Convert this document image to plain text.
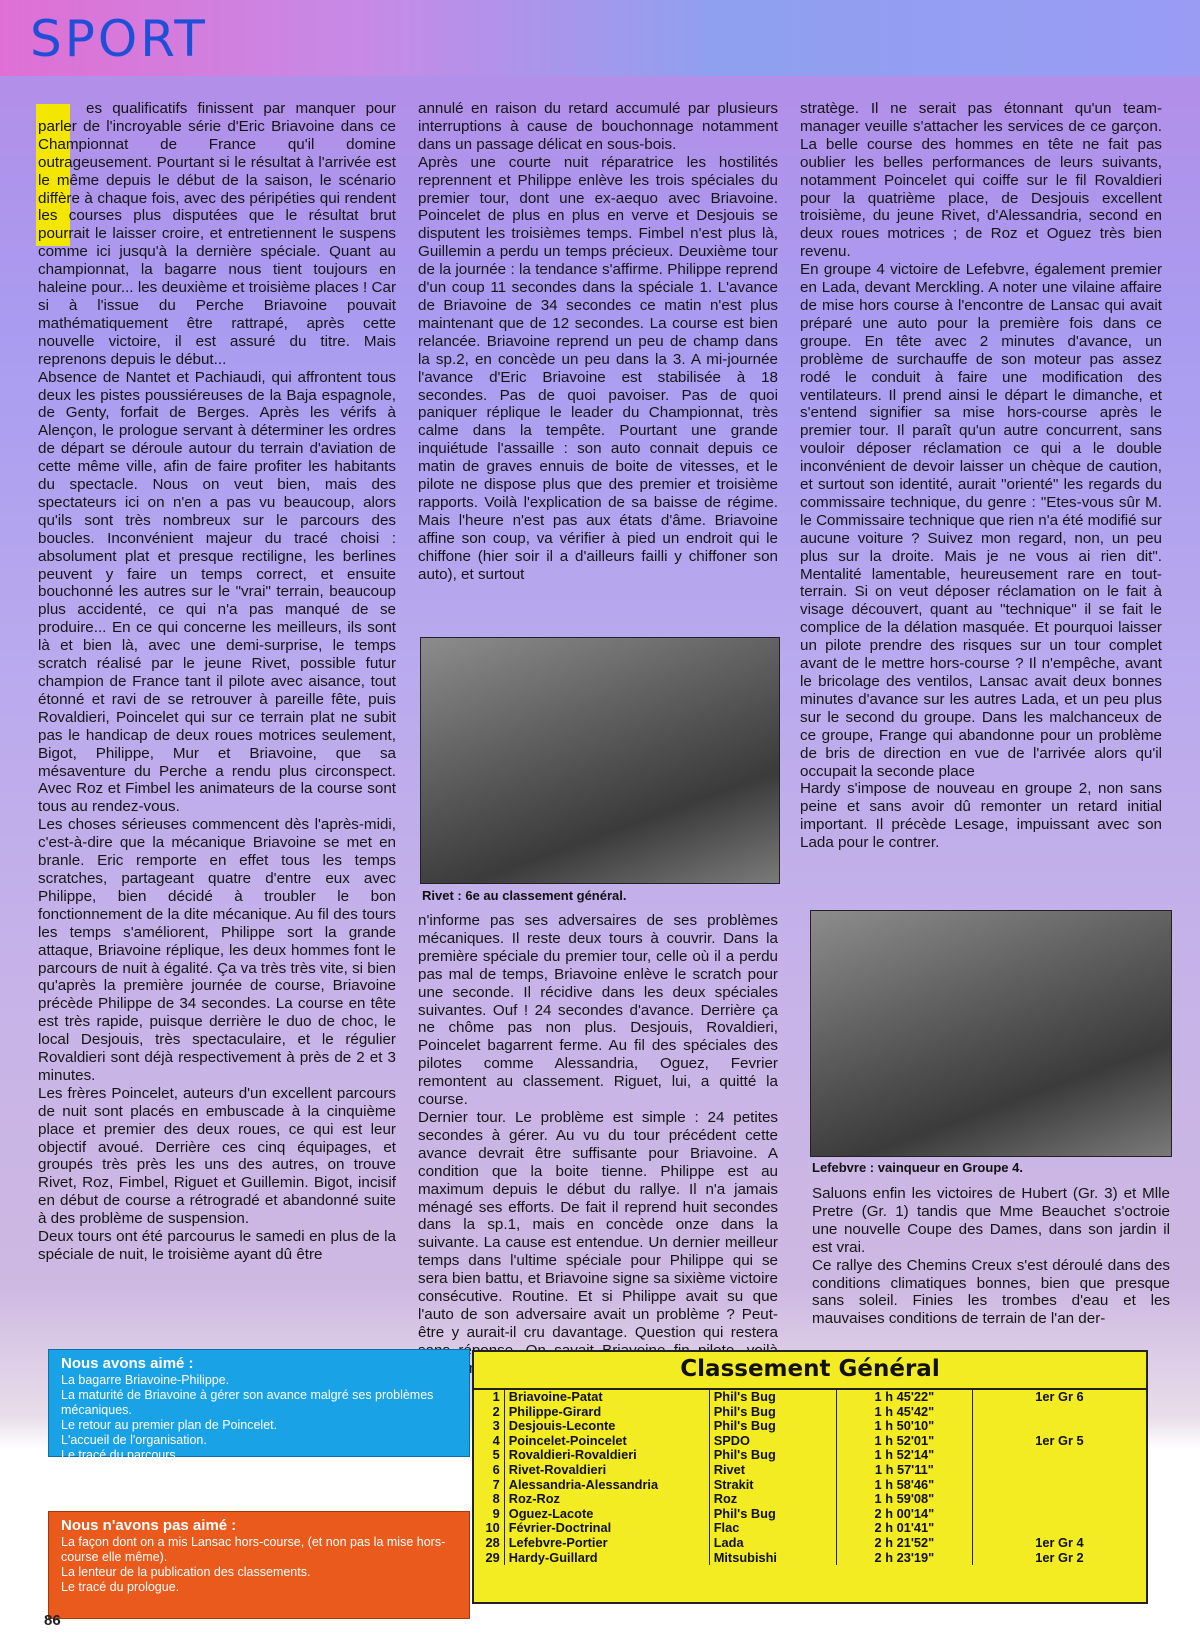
SPORT

es qualificatifs finissent par manquer pour parler de l'incroyable série d'Eric Briavoine dans ce Championnat de France qu'il domine outrageusement. Pourtant si le résultat à l'arrivée est le même depuis le début de la saison, le scénario diffère à chaque fois, avec des péripéties qui rendent les courses plus disputées que le résultat brut pourrait le laisser croire, et entretiennent le suspens comme ici jusqu'à la dernière spéciale. Quant au championnat, la bagarre nous tient toujours en haleine pour... les deuxième et troisième places ! Car si à l'issue du Perche Briavoine pouvait mathématiquement être rattrapé, après cette nouvelle victoire, il est assuré du titre. Mais reprenons depuis le début...

Absence de Nantet et Pachiaudi, qui affrontent tous deux les pistes poussiéreuses de la Baja espagnole, de Genty, forfait de Berges. Après les vérifs à Alençon, le prologue servant à déterminer les ordres de départ se déroule autour du terrain d'aviation de cette même ville, afin de faire profiter les habitants du spectacle. Nous on veut bien, mais des spectateurs ici on n'en a pas vu beaucoup, alors qu'ils sont très nombreux sur le parcours des boucles. Inconvénient majeur du tracé choisi : absolument plat et presque rectiligne, les berlines peuvent y faire un temps correct, et ensuite bouchonné les autres sur le "vrai" terrain, beaucoup plus accidenté, ce qui n'a pas manqué de se produire... En ce qui concerne les meilleurs, ils sont là et bien là, avec une demi-surprise, le temps scratch réalisé par le jeune Rivet, possible futur champion de France tant il pilote avec aisance, tout étonné et ravi de se retrouver à pareille fête, puis Rovaldieri, Poincelet qui sur ce terrain plat ne subit pas le handicap de deux roues motrices seulement, Bigot, Philippe, Mur et Briavoine, que sa mésaventure du Perche a rendu plus circonspect. Avec Roz et Fimbel les animateurs de la course sont tous au rendez-vous.

Les choses sérieuses commencent dès l'après-midi, c'est-à-dire que la mécanique Briavoine se met en branle. Eric remporte en effet tous les temps scratches, partageant quatre d'entre eux avec Philippe, bien décidé à troubler le bon fonctionnement de la dite mécanique. Au fil des tours les temps s'améliorent, Philippe sort la grande attaque, Briavoine réplique, les deux hommes font le parcours de nuit à égalité. Ça va très très vite, si bien qu'après la première journée de course, Briavoine précède Philippe de 34 secondes. La course en tête est très rapide, puisque derrière le duo de choc, le local Desjouis, très spectaculaire, et le régulier Rovaldieri sont déjà respectivement à près de 2 et 3 minutes.

Les frères Poincelet, auteurs d'un excellent parcours de nuit sont placés en embuscade à la cinquième place et premier des deux roues, ce qui est leur objectif avoué. Derrière ces cinq équipages, et groupés très près les uns des autres, on trouve Rivet, Roz, Fimbel, Riguet et Guillemin. Bigot, incisif en début de course a rétrogradé et abandonné suite à des problème de suspension.

Deux tours ont été parcourus le samedi en plus de la spéciale de nuit, le troisième ayant dû être

annulé en raison du retard accumulé par plusieurs interruptions à cause de bouchonnage notamment dans un passage délicat en sous-bois.

Après une courte nuit réparatrice les hostilités reprennent et Philippe enlève les trois spéciales du premier tour, dont une ex-aequo avec Briavoine. Poincelet de plus en plus en verve et Desjouis se disputent les troisièmes temps. Fimbel n'est plus là, Guillemin a perdu un temps précieux. Deuxième tour de la journée : la tendance s'affirme. Philippe reprend d'un coup 11 secondes dans la spéciale 1. L'avance de Briavoine de 34 secondes ce matin n'est plus maintenant que de 12 secondes. La course est bien relancée. Briavoine reprend un peu de champ dans la sp.2, en concède un peu dans la 3. A mi-journée l'avance d'Eric Briavoine est stabilisée à 18 secondes. Pas de quoi pavoiser. Pas de quoi paniquer réplique le leader du Championnat, très calme dans la tempête. Pourtant une grande inquiétude l'assaille : son auto connait depuis ce matin de graves ennuis de boite de vitesses, et le pilote ne dispose plus que des premier et troisième rapports. Voilà l'explication de sa baisse de régime. Mais l'heure n'est pas aux états d'âme. Briavoine affine son coup, va vérifier à pied un endroit qui le chiffone (hier soir il a d'ailleurs failli y chiffoner son auto), et surtout

Rivet : 6e au classement général.

n'informe pas ses adversaires de ses problèmes mécaniques. Il reste deux tours à couvrir. Dans la première spéciale du premier tour, celle où il a perdu pas mal de temps, Briavoine enlève le scratch pour une seconde. Il récidive dans les deux spéciales suivantes. Ouf ! 24 secondes d'avance. Derrière ça ne chôme pas non plus. Desjouis, Rovaldieri, Poincelet bagarrent ferme. Au fil des spéciales des pilotes comme Alessandria, Oguez, Fevrier remontent au classement. Riguet, lui, a quitté la course.

Dernier tour. Le problème est simple : 24 petites secondes à gérer. Au vu du tour précédent cette avance devrait être suffisante pour Briavoine. A condition que la boite tienne. Philippe est au maximum depuis le début du rallye. Il n'a jamais ménagé ses efforts. De fait il reprend huit secondes dans la sp.1, mais en concède onze dans la suivante. La cause est entendue. Un dernier meilleur temps dans l'ultime spéciale pour Philippe qui se sera bien battu, et Briavoine signe sa sixième victoire consécutive. Routine. Et si Philippe avait su que l'auto de son adversaire avait un problème ? Peut-être y aurait-il cru davantage. Question qui restera

stratège. Il ne serait pas étonnant qu'un team-manager veuille s'attacher les services de ce garçon. La belle course des hommes en tête ne fait pas oublier les belles performances de leurs suivants, notamment Poincelet qui coiffe sur le fil Rovaldieri pour la quatrième place, de Desjouis excellent troisième, du jeune Rivet, d'Alessandria, second en deux roues motrices ; de Roz et Oguez très bien revenu.

En groupe 4 victoire de Lefebvre, également premier en Lada, devant Merckling. A noter une vilaine affaire de mise hors course à l'encontre de Lansac qui avait préparé une auto pour la première fois dans ce groupe. En tête avec 2 minutes d'avance, un problème de surchauffe de son moteur pas assez rodé le conduit à faire une modification des ventilateurs. Il prend ainsi le départ le dimanche, et s'entend signifier sa mise hors-course après le premier tour. Il paraît qu'un autre concurrent, sans vouloir déposer réclamation ce qui a le double inconvénient de devoir laisser un chèque de caution, et surtout son identité, aurait "orienté" les regards du commissaire technique, du genre : "Etes-vous sûr M. le Commissaire technique que rien n'a été modifié sur aucune voiture ? Suivez mon regard, non, un peu plus sur la droite. Mais je ne vous ai rien dit". Mentalité lamentable, heureusement rare en tout-terrain. Si on veut déposer réclamation on le fait à visage découvert, quant au "technique" il se fait le complice de la délation masquée. Et pourquoi laisser un pilote prendre des risques sur un tour complet avant de le mettre hors-course ? Il n'empêche, avant le bricolage des ventilos, Lansac avait deux bonnes minutes d'avance sur les autres Lada, et un peu plus sur le second du groupe. Dans les malchanceux de ce groupe, Frange qui abandonne pour un problème de bris de direction en vue de l'arrivée alors qu'il occupait la seconde place

Hardy s'impose de nouveau en groupe 2, non sans peine et sans avoir dû remonter un retard initial important. Il précède Lesage, impuissant avec son Lada pour le contrer.

Lefebvre : vainqueur en Groupe 4.

Saluons enfin les victoires de Hubert (Gr. 3) et Mlle Pretre (Gr. 1) tandis que Mme Beauchet s'octroie une nouvelle Coupe des Dames, dans son jardin il est vrai.

Ce rallye des Chemins Creux s'est déroulé dans des conditions climatiques bonnes, bien que presque sans soleil. Finies les trombes d'eau et les mauvaises conditions de terrain de l'an der-

Nous avons aimé :
La bagarre Briavoine-Philippe.
La maturité de Briavoine à gérer son avance malgré ses problèmes mécaniques.
Le retour au premier plan de Poincelet.
L'accueil de l'organisation.
Le tracé du parcours.
Nous n'avons pas aimé :
La façon dont on a mis Lansac hors-course, (et non pas la mise hors-course elle même).
La lenteur de la publication des classements.
Le tracé du prologue.
Classement Général
1	Briavoine-Patat	Phil's Bug	1 h 45'22"	1er Gr 6
2	Philippe-Girard	Phil's Bug	1 h 45'42"	
3	Desjouis-Leconte	Phil's Bug	1 h 50'10"	
4	Poincelet-Poincelet	SPDO	1 h 52'01"	1er Gr 5
5	Rovaldieri-Rovaldieri	Phil's Bug	1 h 52'14"	
6	Rivet-Rovaldieri	Rivet	1 h 57'11"	
7	Alessandria-Alessandria	Strakit	1 h 58'46"	
8	Roz-Roz	Roz	1 h 59'08"	
9	Oguez-Lacote	Phil's Bug	2 h 00'14"	
10	Février-Doctrinal	Flac	2 h 01'41"	
28	Lefebvre-Portier	Lada	2 h 21'52"	1er Gr 4
29	Hardy-Guillard	Mitsubishi	2 h 23'19"	1er Gr 2
86
